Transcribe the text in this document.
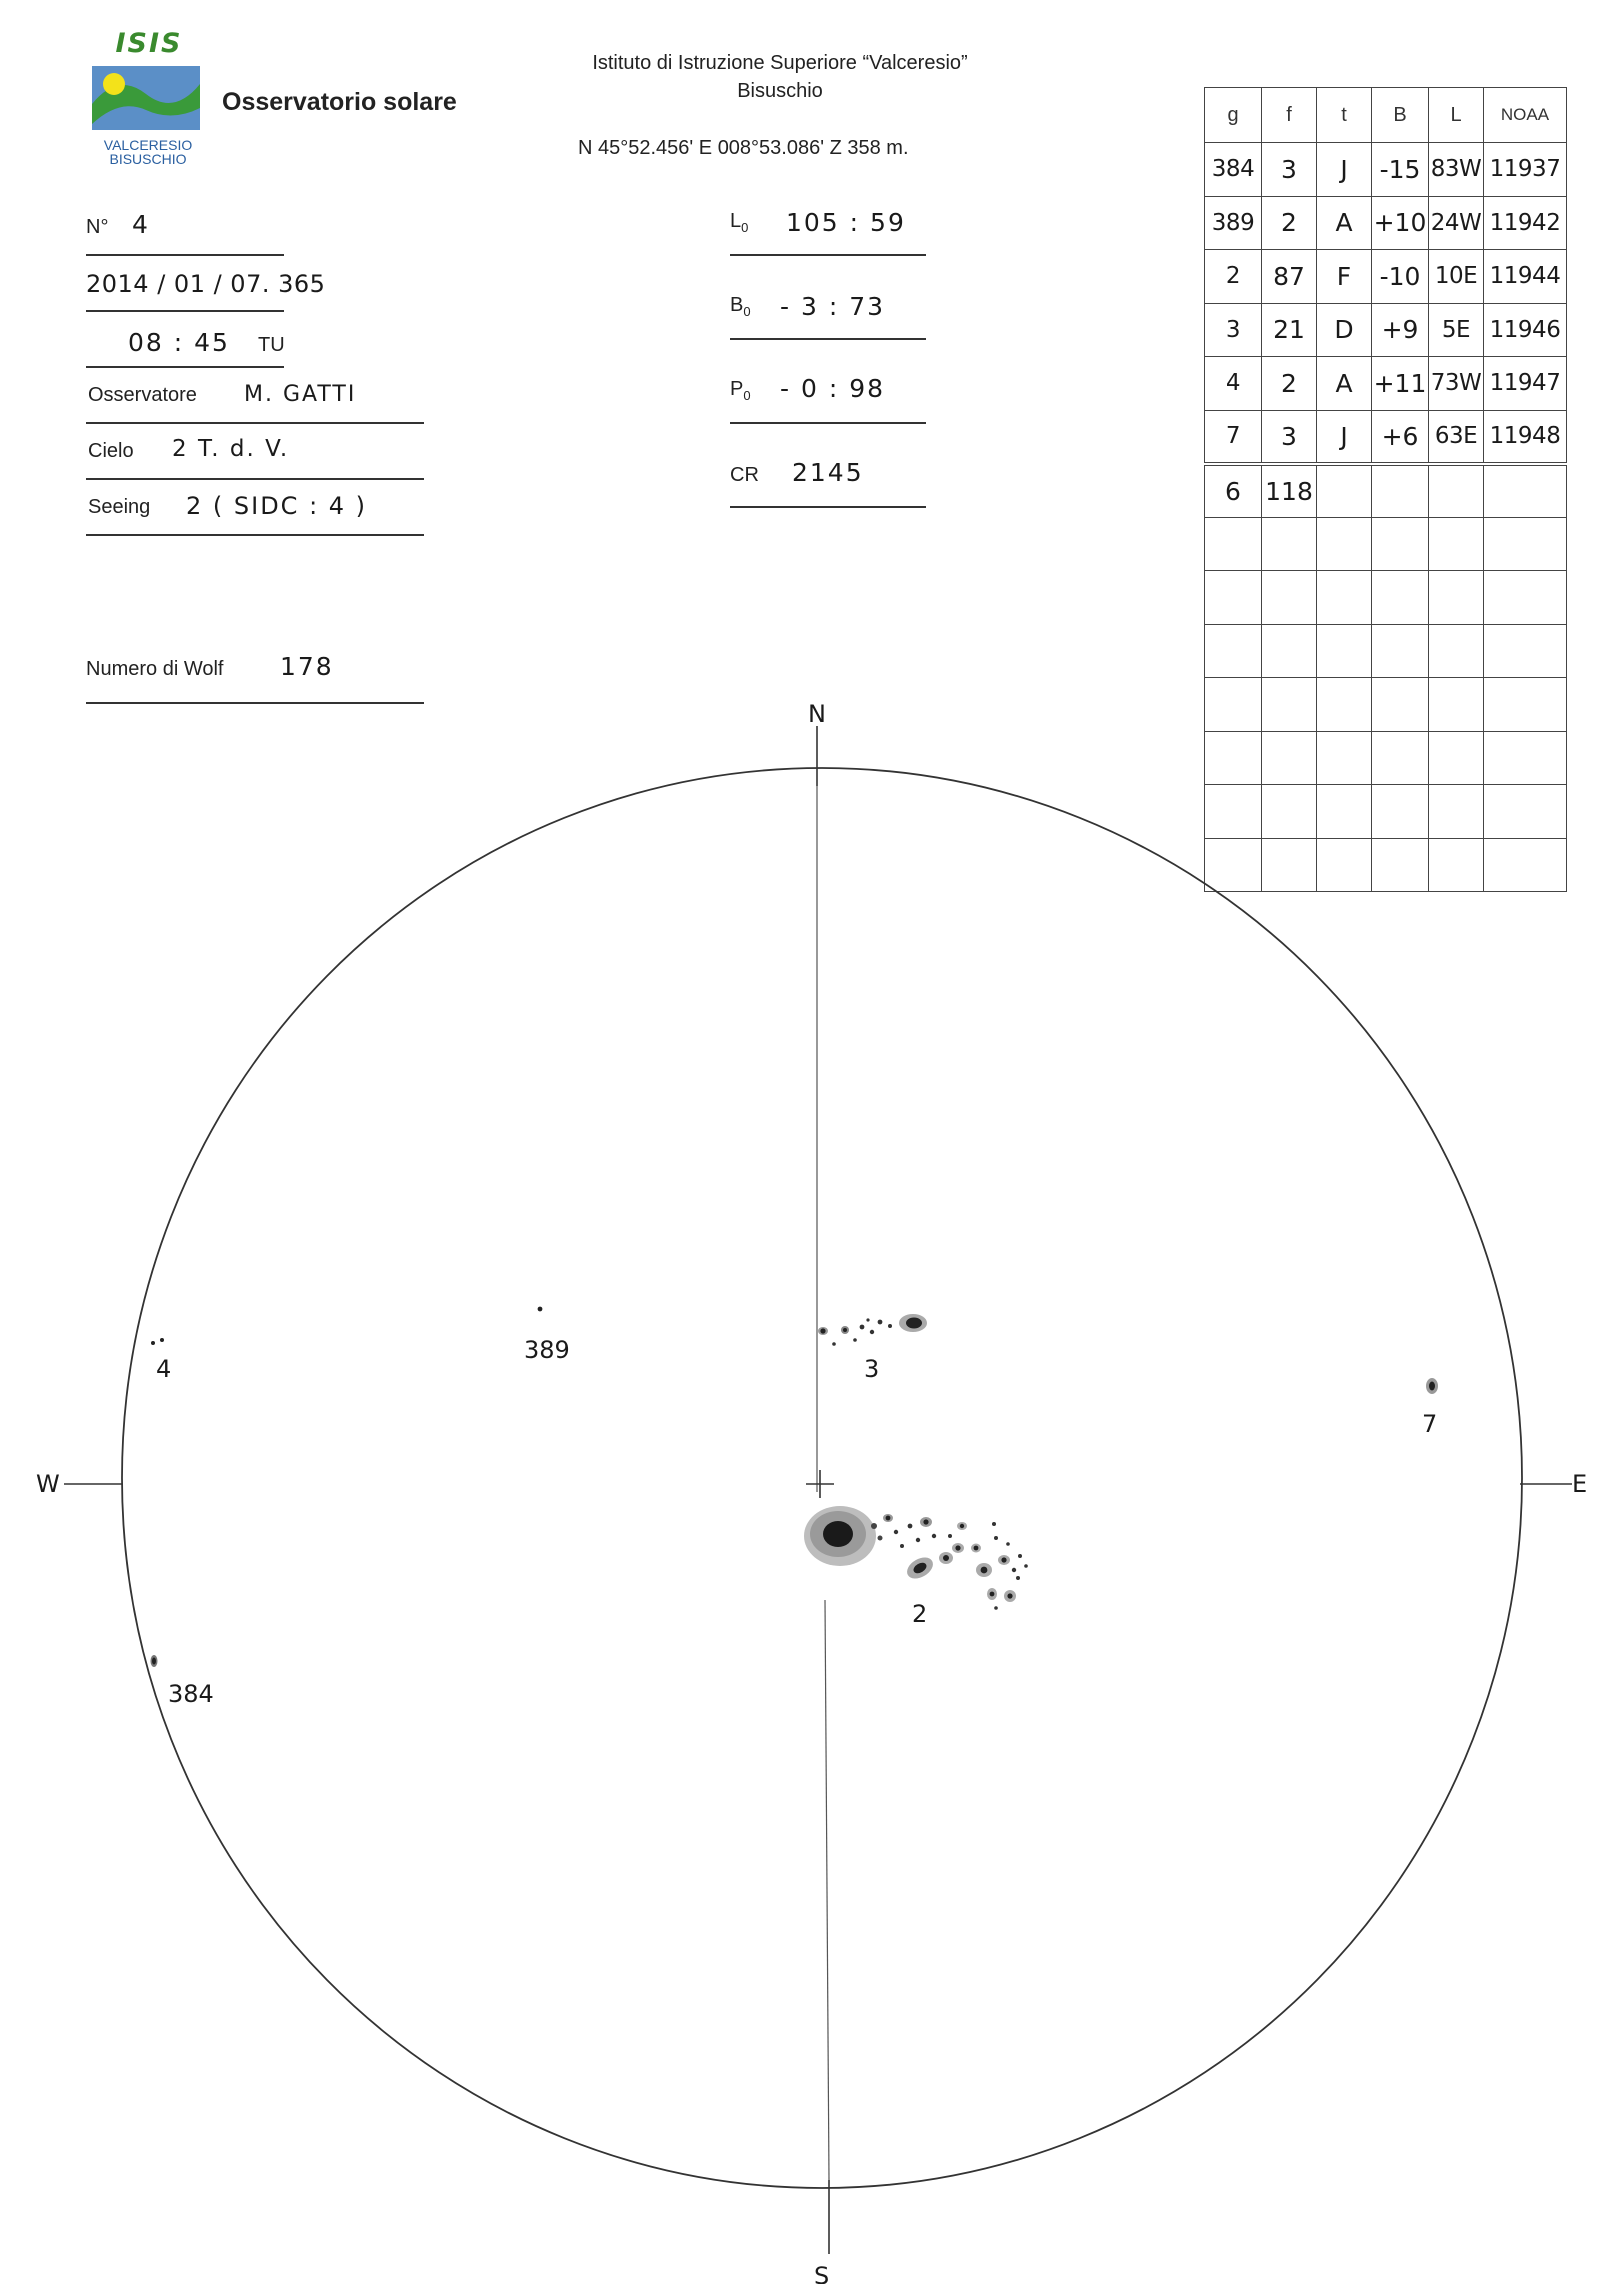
ISIS
VALCERESIO
BISUSCHIO
Osservatorio solare
Istituto di Istruzione Superiore “Valceresio”
Bisuschio
N 45°52.456' E 008°53.086' Z 358 m.
N° 4
2014 / 01 / 07. 365
08 : 45 TU
Osservatore M. GATTI
Cielo 2 T. d. V.
Seeing 2 ( SIDC : 4 )
Numero di Wolf 178
$L_0$ 105 : 59
$B_0 - 3$ : 73
$P_0 - 0$ : 98
CR 2145
g	f	t	B	L	NOAA
384	3	J	-15	83W	11937
389	2	A	+10	24W	11942
2	87	F	-10	10E	11944
3	21	D	+9	5E	11946
4	2	A	+11	73W	11947
7	3	J	+6	63E	11948
6	118				

N
S
W	E
389
3
4
7
2
384
